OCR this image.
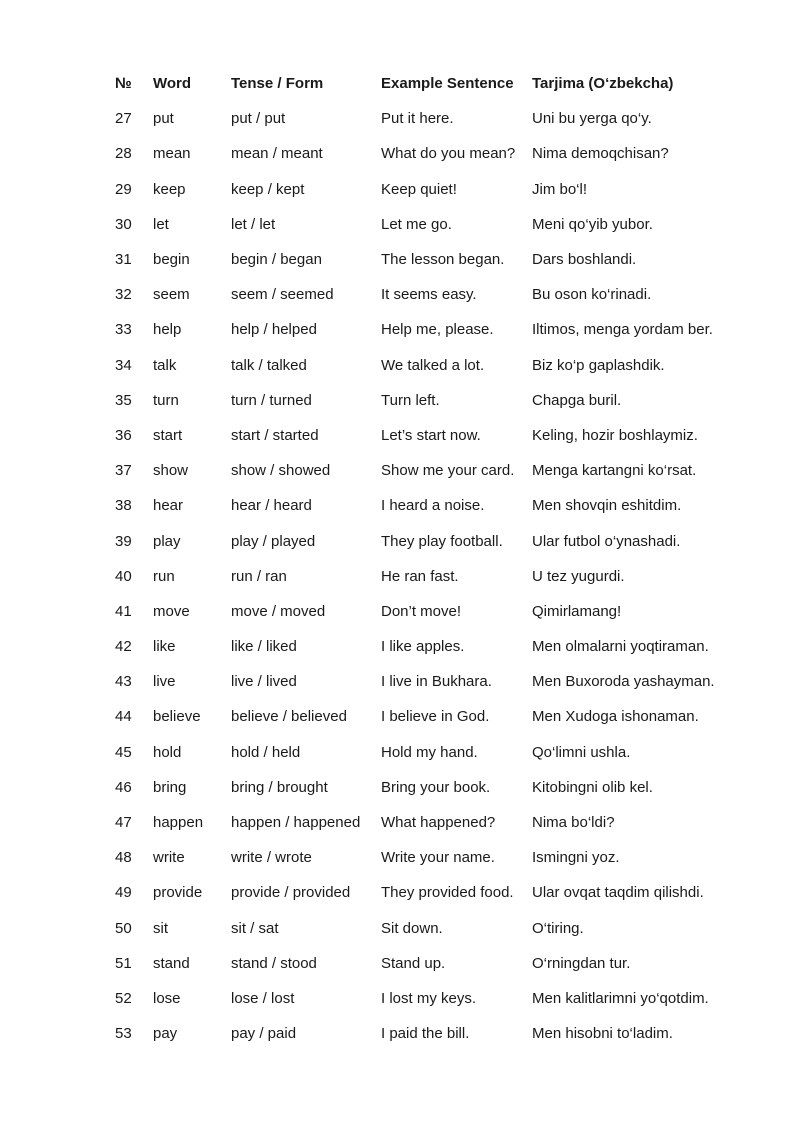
№	Word	Tense / Form	Example Sentence	Tarjima (O‘zbekcha)
27	put	put / put	Put it here.	Uni bu yerga qo‘y.
28	mean	mean / meant	What do you mean?	Nima demoqchisan?
29	keep	keep / kept	Keep quiet!	Jim bo‘l!
30	let	let / let	Let me go.	Meni qo‘yib yubor.
31	begin	begin / began	The lesson began.	Dars boshlandi.
32	seem	seem / seemed	It seems easy.	Bu oson ko‘rinadi.
33	help	help / helped	Help me, please.	Iltimos, menga yordam ber.
34	talk	talk / talked	We talked a lot.	Biz ko‘p gaplashdik.
35	turn	turn / turned	Turn left.	Chapga buril.
36	start	start / started	Let’s start now.	Keling, hozir boshlaymiz.
37	show	show / showed	Show me your card.	Menga kartangni ko‘rsat.
38	hear	hear / heard	I heard a noise.	Men shovqin eshitdim.
39	play	play / played	They play football.	Ular futbol o‘ynashadi.
40	run	run / ran	He ran fast.	U tez yugurdi.
41	move	move / moved	Don’t move!	Qimirlamang!
42	like	like / liked	I like apples.	Men olmalarni yoqtiraman.
43	live	live / lived	I live in Bukhara.	Men Buxoroda yashayman.
44	believe	believe / believed	I believe in God.	Men Xudoga ishonaman.
45	hold	hold / held	Hold my hand.	Qo‘limni ushla.
46	bring	bring / brought	Bring your book.	Kitobingni olib kel.
47	happen	happen / happened	What happened?	Nima bo‘ldi?
48	write	write / wrote	Write your name.	Ismingni yoz.
49	provide	provide / provided	They provided food.	Ular ovqat taqdim qilishdi.
50	sit	sit / sat	Sit down.	O‘tiring.
51	stand	stand / stood	Stand up.	O‘rningdan tur.
52	lose	lose / lost	I lost my keys.	Men kalitlarimni yo‘qotdim.
53	pay	pay / paid	I paid the bill.	Men hisobni to‘ladim.
